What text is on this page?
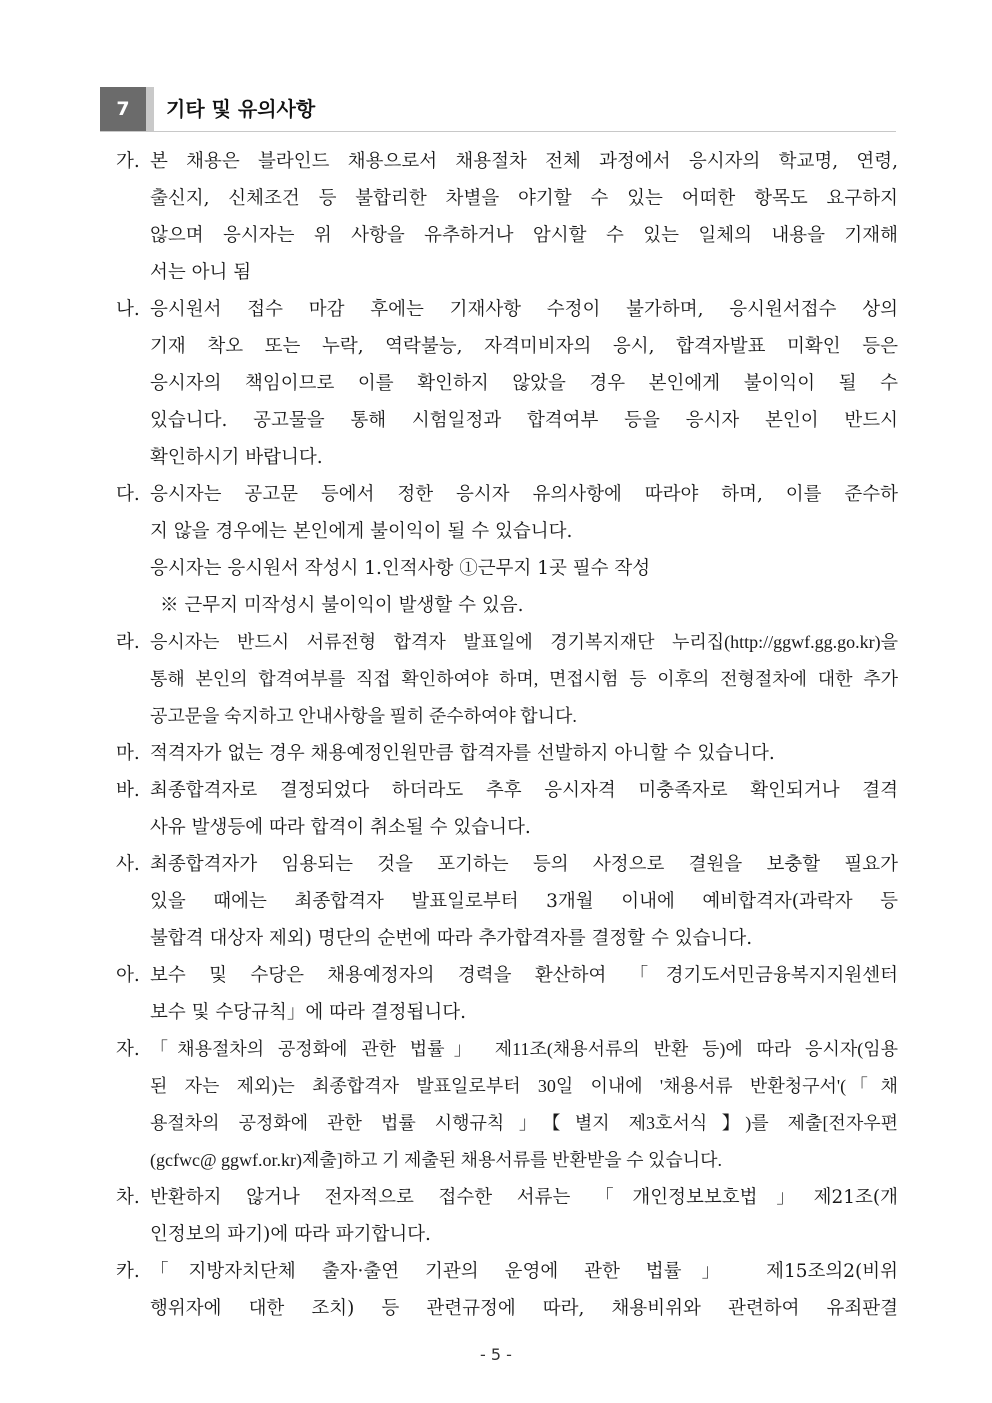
7	기타 및 유의사항
가. 본 채용은 블라인드 채용으로서 채용절차 전체 과정에서 응시자의 학교명, 연령,
출신지, 신체조건 등 불합리한 차별을 야기할 수 있는 어떠한 항목도 요구하지
않으며 응시자는 위 사항을 유추하거나 암시할 수 있는 일체의 내용을 기재해
서는 아니 됨
나. 응시원서 접수 마감 후에는 기재사항 수정이 불가하며, 응시원서접수 상의
기재 착오 또는 누락, 역락불능, 자격미비자의 응시, 합격자발표 미확인 등은
응시자의 책임이므로 이를 확인하지 않았을 경우 본인에게 불이익이 될 수
있습니다. 공고물을 통해 시험일정과 합격여부 등을 응시자 본인이 반드시
확인하시기 바랍니다.
다. 응시자는 공고문 등에서 정한 응시자 유의사항에 따라야 하며, 이를 준수하
지 않을 경우에는 본인에게 불이익이 될 수 있습니다.
응시자는 응시원서 작성시 1.인적사항 ①근무지 1곳 필수 작성
※ 근무지 미작성시 불이익이 발생할 수 있음.
라. 응시자는 반드시 서류전형 합격자 발표일에 경기복지재단 누리집(http://ggwf.gg.go.kr)을
통해 본인의 합격여부를 직접 확인하여야 하며, 면접시험 등 이후의 전형절차에 대한 추가
공고문을 숙지하고 안내사항을 필히 준수하여야 합니다.
마. 적격자가 없는 경우 채용예정인원만큼 합격자를 선발하지 아니할 수 있습니다.
바. 최종합격자로 결정되었다 하더라도 추후 응시자격 미충족자로 확인되거나 결격
사유 발생등에 따라 합격이 취소될 수 있습니다.
사. 최종합격자가 임용되는 것을 포기하는 등의 사정으로 결원을 보충할 필요가
있을 때에는 최종합격자 발표일로부터 3개월 이내에 예비합격자(과락자 등
불합격 대상자 제외) 명단의 순번에 따라 추가합격자를 결정할 수 있습니다.
아. 보수 및 수당은 채용예정자의 경력을 환산하여 「경기도서민금융복지지원센터
보수 및 수당규칙」에 따라 결정됩니다.
자. 「채용절차의 공정화에 관한 법률」 제11조(채용서류의 반환 등)에 따라 응시자(임용
된 자는 제외)는 최종합격자 발표일로부터 30일 이내에 '채용서류 반환청구서'(「채
용절차의 공정화에 관한 법률 시행규칙」【별지 제3호서식】)를 제출[전자우편
(gcfwc@ ggwf.or.kr)제출]하고 기 제출된 채용서류를 반환받을 수 있습니다.
차. 반환하지 않거나 전자적으로 접수한 서류는 「개인정보보호법」제21조(개
인정보의 파기)에 따라 파기합니다.
카. 「지방자치단체 출자·출연 기관의 운영에 관한 법률」 제15조의2(비위
행위자에 대한 조치) 등 관련규정에 따라, 채용비위와 관련하여 유죄판결
- 5 -
